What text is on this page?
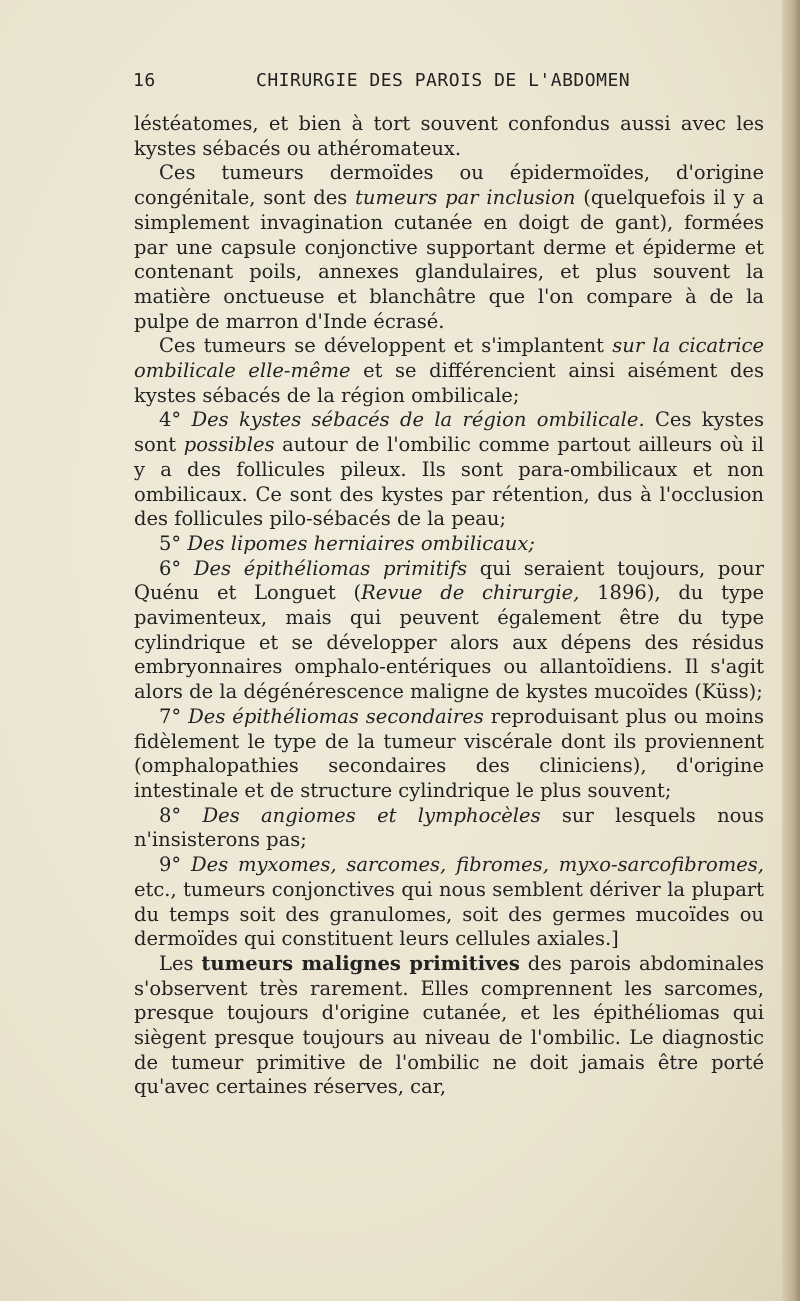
16	CHIRURGIE DES PAROIS DE L'ABDOMEN

léstéatomes, et bien à tort souvent confondus aussi avec les kystes sébacés ou athéromateux.

Ces tumeurs dermoïdes ou épidermoïdes, d'origine congénitale, sont des tumeurs par inclusion (quelquefois il y a simplement invagination cutanée en doigt de gant), formées par une capsule conjonctive supportant derme et épiderme et contenant poils, annexes glandulaires, et plus souvent la matière onctueuse et blanchâtre que l'on compare à de la pulpe de marron d'Inde écrasé.

Ces tumeurs se développent et s'implantent sur la cicatrice ombilicale elle-même et se différencient ainsi aisément des kystes sébacés de la région ombilicale;

4° Des kystes sébacés de la région ombilicale. Ces kystes sont possibles autour de l'ombilic comme partout ailleurs où il y a des follicules pileux. Ils sont para-ombilicaux et non ombilicaux. Ce sont des kystes par rétention, dus à l'occlusion des follicules pilo-sébacés de la peau;

5° Des lipomes herniaires ombilicaux;

6° Des épithéliomas primitifs qui seraient toujours, pour Quénu et Longuet (Revue de chirurgie, 1896), du type pavimenteux, mais qui peuvent également être du type cylindrique et se développer alors aux dépens des résidus embryonnaires omphalo-entériques ou allantoïdiens. Il s'agit alors de la dégénérescence maligne de kystes mucoïdes (Küss);

7° Des épithéliomas secondaires reproduisant plus ou moins fidèlement le type de la tumeur viscérale dont ils proviennent (omphalopathies secondaires des cliniciens), d'origine intestinale et de structure cylindrique le plus souvent;

8° Des angiomes et lymphocèles sur lesquels nous n'insisterons pas;

9° Des myxomes, sarcomes, fibromes, myxo-sarcofibromes, etc., tumeurs conjonctives qui nous semblent dériver la plupart du temps soit des granulomes, soit des germes mucoïdes ou dermoïdes qui constituent leurs cellules axiales.]

Les tumeurs malignes primitives des parois abdominales s'observent très rarement. Elles comprennent les sarcomes, presque toujours d'origine cutanée, et les épithéliomas qui siègent presque toujours au niveau de l'ombilic. Le diagnostic de tumeur primitive de l'ombilic ne doit jamais être porté qu'avec certaines réserves, car,
